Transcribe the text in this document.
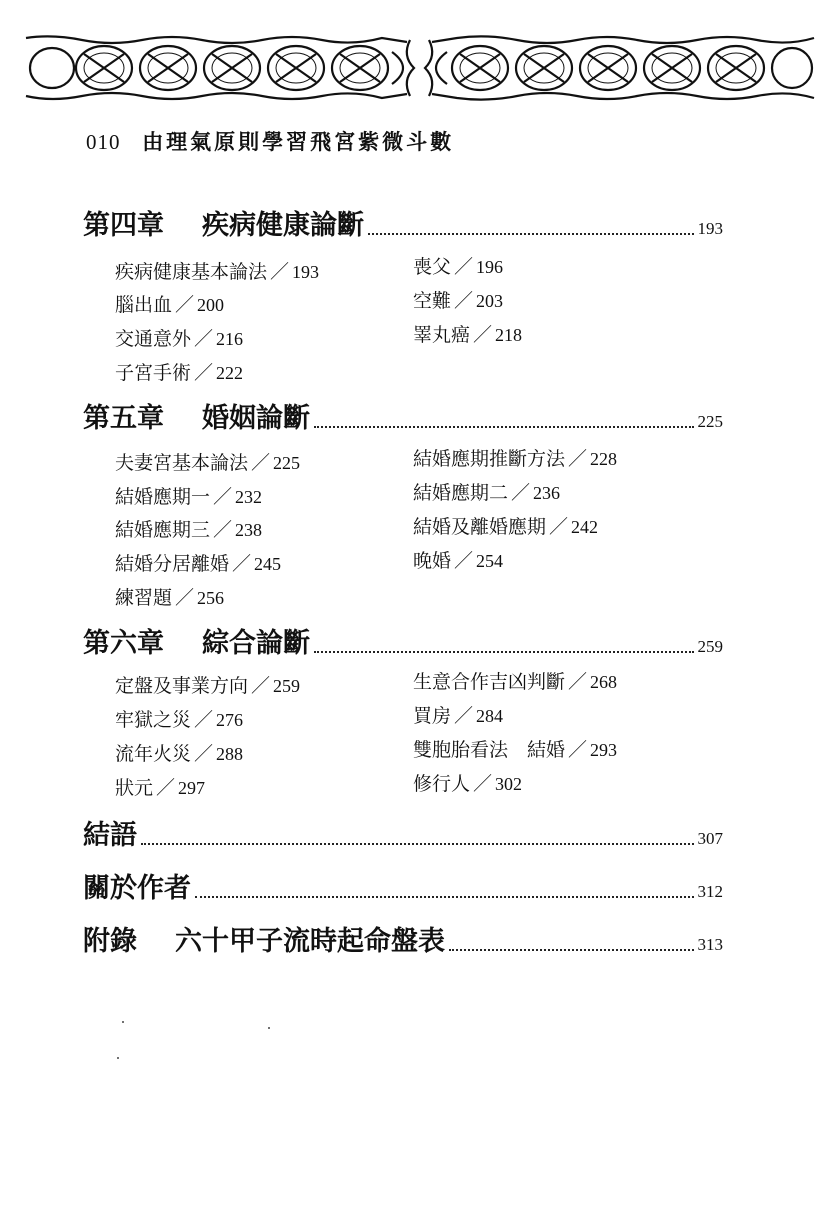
010 由理氣原則學習飛宮紫微斗數
第四章 疾病健康論斷	193
疾病健康基本論法 ／ 193	喪父 ／ 196
腦出血 ／ 200	空難 ／ 203
交通意外 ／ 216	睪丸癌 ／ 218
子宮手術 ／ 222
第五章 婚姻論斷	225
夫妻宮基本論法 ／ 225	結婚應期推斷方法 ／ 228
結婚應期一 ／ 232	結婚應期二 ／ 236
結婚應期三 ／ 238	結婚及離婚應期 ／ 242
結婚分居離婚 ／ 245	晚婚 ／ 254
練習題 ／ 256
第六章 綜合論斷	259
定盤及事業方向 ／ 259	生意合作吉凶判斷 ／ 268
牢獄之災 ／ 276	買房 ／ 284
流年火災 ／ 288	雙胞胎看法　結婚 ／ 293
狀元 ／ 297	修行人 ／ 302
結語	307
關於作者	312
附錄 六十甲子流時起命盤表	313
